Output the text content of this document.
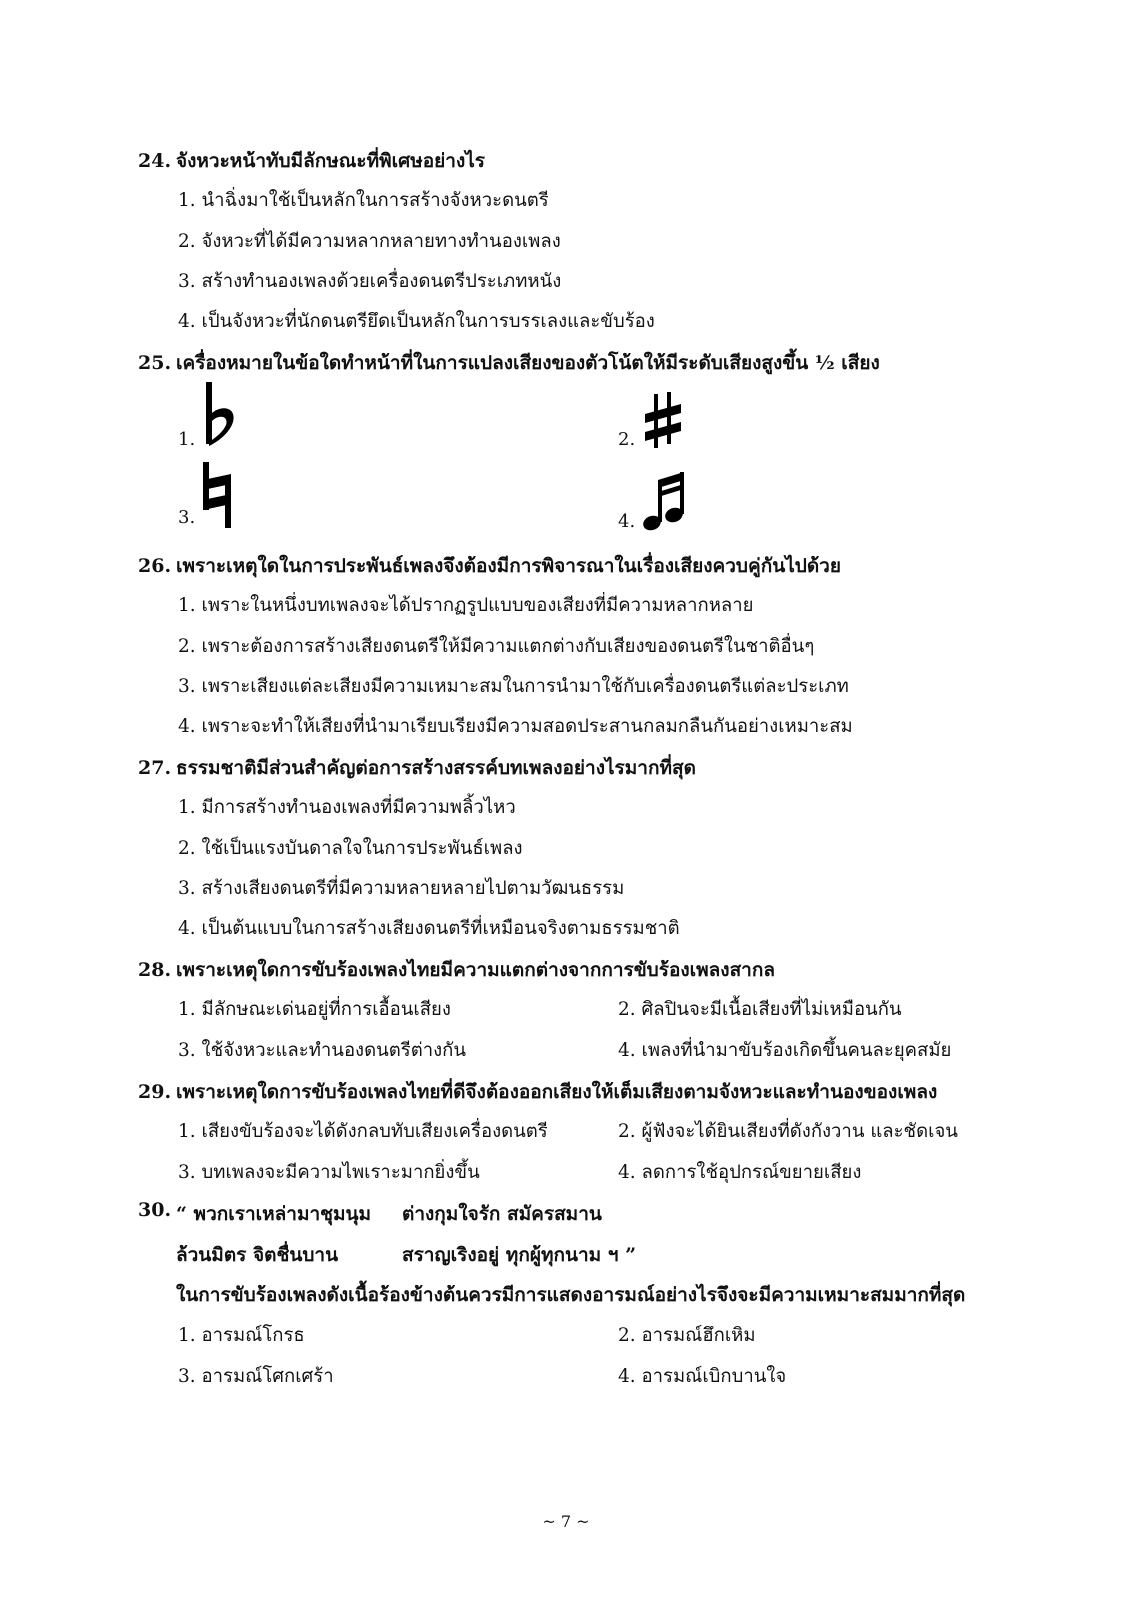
24. จังหวะหน้าทับมีลักษณะที่พิเศษอย่างไร
1. นำฉิ่งมาใช้เป็นหลักในการสร้างจังหวะดนตรี
2. จังหวะที่ได้มีความหลากหลายทางทำนองเพลง
3. สร้างทำนองเพลงด้วยเครื่องดนตรีประเภทหนัง
4. เป็นจังหวะที่นักดนตรียึดเป็นหลักในการบรรเลงและขับร้อง
25. เครื่องหมายในข้อใดทำหน้าที่ในการแปลงเสียงของตัวโน้ตให้มีระดับเสียงสูงขึ้น ½ เสียง
1.	2.
3.	4.
26. เพราะเหตุใดในการประพันธ์เพลงจึงต้องมีการพิจารณาในเรื่องเสียงควบคู่กันไปด้วย
1. เพราะในหนึ่งบทเพลงจะได้ปรากฏรูปแบบของเสียงที่มีความหลากหลาย
2. เพราะต้องการสร้างเสียงดนตรีให้มีความแตกต่างกับเสียงของดนตรีในชาติอื่นๆ
3. เพราะเสียงแต่ละเสียงมีความเหมาะสมในการนำมาใช้กับเครื่องดนตรีแต่ละประเภท
4. เพราะจะทำให้เสียงที่นำมาเรียบเรียงมีความสอดประสานกลมกลืนกันอย่างเหมาะสม
27. ธรรมชาติมีส่วนสำคัญต่อการสร้างสรรค์บทเพลงอย่างไรมากที่สุด
1. มีการสร้างทำนองเพลงที่มีความพลิ้วไหว
2. ใช้เป็นแรงบันดาลใจในการประพันธ์เพลง
3. สร้างเสียงดนตรีที่มีความหลายหลายไปตามวัฒนธรรม
4. เป็นต้นแบบในการสร้างเสียงดนตรีที่เหมือนจริงตามธรรมชาติ
28. เพราะเหตุใดการขับร้องเพลงไทยมีความแตกต่างจากการขับร้องเพลงสากล
1. มีลักษณะเด่นอยู่ที่การเอื้อนเสียง	2. ศิลปินจะมีเนื้อเสียงที่ไม่เหมือนกัน
3. ใช้จังหวะและทำนองดนตรีต่างกัน	4. เพลงที่นำมาขับร้องเกิดขึ้นคนละยุคสมัย
29. เพราะเหตุใดการขับร้องเพลงไทยที่ดีจึงต้องออกเสียงให้เต็มเสียงตามจังหวะและทำนองของเพลง
1. เสียงขับร้องจะได้ดังกลบทับเสียงเครื่องดนตรี	2. ผู้ฟังจะได้ยินเสียงที่ดังกังวาน และชัดเจน
3. บทเพลงจะมีความไพเราะมากยิ่งขึ้น	4. ลดการใช้อุปกรณ์ขยายเสียง
30. “ พวกเราเหล่ามาชุมนุม ต่างกุมใจรัก สมัครสมาน
ล้วนมิตร จิตชื่นบาน	สราญเริงอยู่ ทุกผู้ทุกนาม ฯ ”
ในการขับร้องเพลงดังเนื้อร้องข้างต้นควรมีการแสดงอารมณ์อย่างไรจึงจะมีความเหมาะสมมากที่สุด
1. อารมณ์โกรธ	2. อารมณ์ฮึกเหิม
3. อารมณ์โศกเศร้า	4. อารมณ์เบิกบานใจ
~ 7 ~
